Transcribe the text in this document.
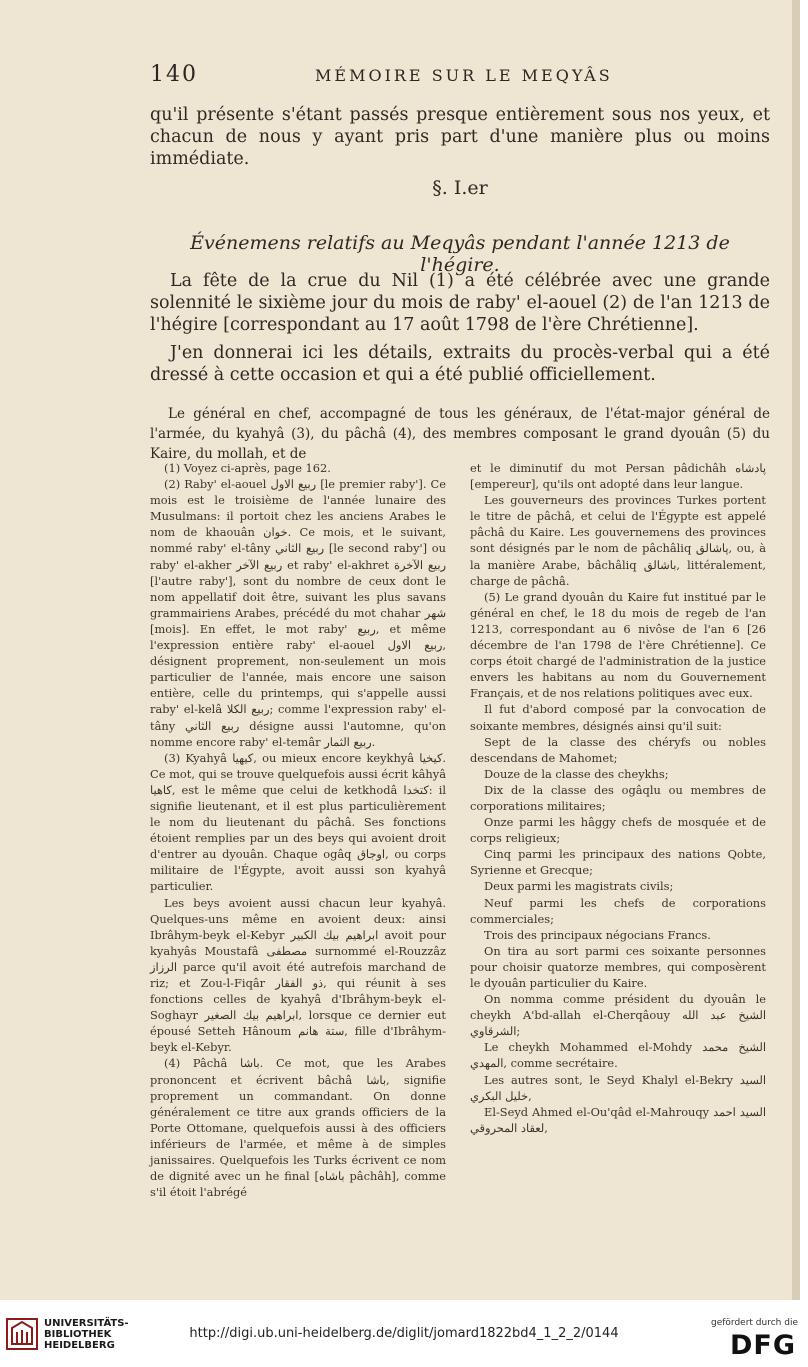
140	MÉMOIRE SUR LE MEQYÂS
qu'il présente s'étant passés presque entièrement sous nos yeux, et chacun de nous y ayant pris part d'une manière plus ou moins immédiate.
§. I.er
Événemens relatifs au Meqyâs pendant l'année 1213 de l'hégire.
La fête de la crue du Nil (1) a été célébrée avec une grande solennité le sixième jour du mois de raby' el-aouel (2) de l'an 1213 de l'hégire [correspondant au 17 août 1798 de l'ère Chrétienne].
J'en donnerai ici les détails, extraits du procès-verbal qui a été dressé à cette occasion et qui a été publié officiellement.
Le général en chef, accompagné de tous les généraux, de l'état-major général de l'armée, du kyahyâ (3), du pâchâ (4), des membres composant le grand dyouân (5) du Kaire, du mollah, et de

(1) Voyez ci-après, page 162.

(2) Raby' el-aouel ربيع الاول [le premier raby']. Ce mois est le troisième de l'année lunaire des Musulmans: il portoit chez les anciens Arabes le nom de khaouân خوان. Ce mois, et le suivant, nommé raby' el-tâny ربيع الثاني [le second raby'] ou raby' el-akher ربيع الآخر et raby' el-akhret ربيع الآخرة [l'autre raby'], sont du nombre de ceux dont le nom appellatif doit être, suivant les plus savans grammairiens Arabes, précédé du mot chahar شهر [mois]. En effet, le mot raby' ربيع, et même l'expression entière raby' el-aouel ربيع الاول, désignent proprement, non-seulement un mois particulier de l'année, mais encore une saison entière, celle du printemps, qui s'appelle aussi raby' el-kelâ ربيع الكلا; comme l'expression raby' el-tâny ربيع الثاني désigne aussi l'automne, qu'on nomme encore raby' el-temâr ربيع الثمار.

(3) Kyahyâ كيهيا, ou mieux encore keykhyâ كيخيا. Ce mot, qui se trouve quelquefois aussi écrit kâhyâ كاهيا, est le même que celui de ketkhodâ كتخدا: il signifie lieutenant, et il est plus particulièrement le nom du lieutenant du pâchâ. Ses fonctions étoient remplies par un des beys qui avoient droit d'entrer au dyouân. Chaque ogâq اوجاق, ou corps militaire de l'Égypte, avoit aussi son kyahyâ particulier.

Les beys avoient aussi chacun leur kyahyâ. Quelques-uns même en avoient deux: ainsi Ibrâhym-beyk el-Kebyr ابراهيم بيك الكبير avoit pour kyahyâs Moustafâ مصطفى surnommé el-Rouzzâz الرزاز parce qu'il avoit été autrefois marchand de riz; et Zou-l-Fiqâr ذو الفقار, qui réunit à ses fonctions celles de kyahyâ d'Ibrâhym-beyk el-Soghayr ابراهيم بيك الصغير, lorsque ce dernier eut épousé Setteh Hânoum ستة هانم, fille d'Ibrâhym-beyk el-Kebyr.

(4) Pâchâ باشا. Ce mot, que les Arabes prononcent et écrivent bâchâ باشا, signifie proprement un commandant. On donne généralement ce titre aux grands officiers de la Porte Ottomane, quelquefois aussi à des officiers inférieurs de l'armée, et même à de simples janissaires. Quelquefois les Turks écrivent ce nom de dignité avec un he final [باشاه pâchâh], comme s'il étoit l'abrégé

et le diminutif du mot Persan pâdichâh پادشاه [empereur], qu'ils ont adopté dans leur langue.

Les gouverneurs des provinces Turkes portent le titre de pâchâ, et celui de l'Égypte est appelé pâchâ du Kaire. Les gouvernemens des provinces sont désignés par le nom de pâchâliq پاشالق, ou, à la manière Arabe, bâchâliq باشالق, littéralement, charge de pâchâ.

(5) Le grand dyouân du Kaire fut institué par le général en chef, le 18 du mois de regeb de l'an 1213, correspondant au 6 nivôse de l'an 6 [26 décembre de l'an 1798 de l'ère Chrétienne]. Ce corps étoit chargé de l'administration de la justice envers les habitans au nom du Gouvernement Français, et de nos relations politiques avec eux.

Il fut d'abord composé par la convocation de soixante membres, désignés ainsi qu'il suit:

Sept de la classe des chéryfs ou nobles descendans de Mahomet;

Douze de la classe des cheykhs;

Dix de la classe des ogâqlu ou membres de corporations militaires;

Onze parmi les hâggy chefs de mosquée et de corps religieux;

Cinq parmi les principaux des nations Qobte, Syrienne et Grecque;

Deux parmi les magistrats civils;

Neuf parmi les chefs de corporations commerciales;

Trois des principaux négocians Francs.

On tira au sort parmi ces soixante personnes pour choisir quatorze membres, qui composèrent le dyouân particulier du Kaire.

On nomma comme président du dyouân le cheykh A'bd-allah el-Cherqâouy الشيخ عبد الله الشرقاوي;

Le cheykh Mohammed el-Mohdy الشيخ محمد المهدي, comme secrétaire.

Les autres sont, le Seyd Khalyl el-Bekry السيد خليل البكري,

El-Seyd Ahmed el-Ou'qâd el-Mahrouqy السيد احمد لعقاد المحروقي,

UNIVERSITÄTS-
BIBLIOTHEK
HEIDELBERG
http://digi.ub.uni-heidelberg.de/diglit/jomard1822bd4_1_2_2/0144
gefördert durch die
DFG
